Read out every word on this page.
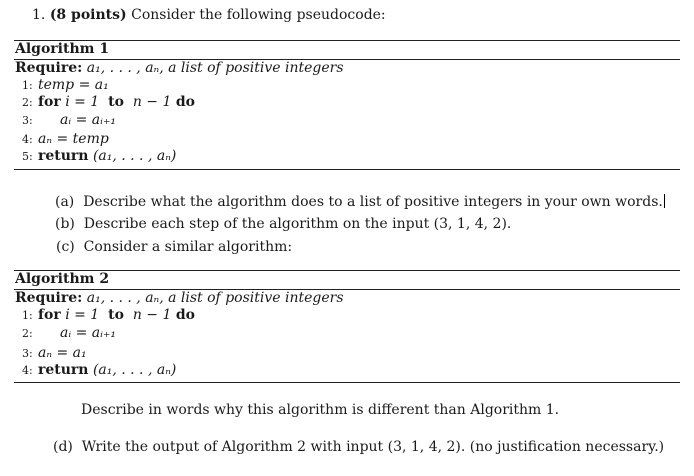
1. (8 points) Consider the following pseudocode:
Algorithm 1
Require: a₁, . . . , aₙ, a list of positive integers
1: temp = a₁
2: for i = 1 to n − 1 do
3: aᵢ = aᵢ₊₁
4: aₙ = temp
5: return (a₁, . . . , aₙ)
(a) Describe what the algorithm does to a list of positive integers in your own words.
(b) Describe each step of the algorithm on the input (3, 1, 4, 2).
(c) Consider a similar algorithm:
Algorithm 2
Require: a₁, . . . , aₙ, a list of positive integers
1: for i = 1 to n − 1 do
2: aᵢ = aᵢ₊₁
3: aₙ = a₁
4: return (a₁, . . . , aₙ)
Describe in words why this algorithm is different than Algorithm 1.
(d) Write the output of Algorithm 2 with input (3, 1, 4, 2). (no justification necessary.)
